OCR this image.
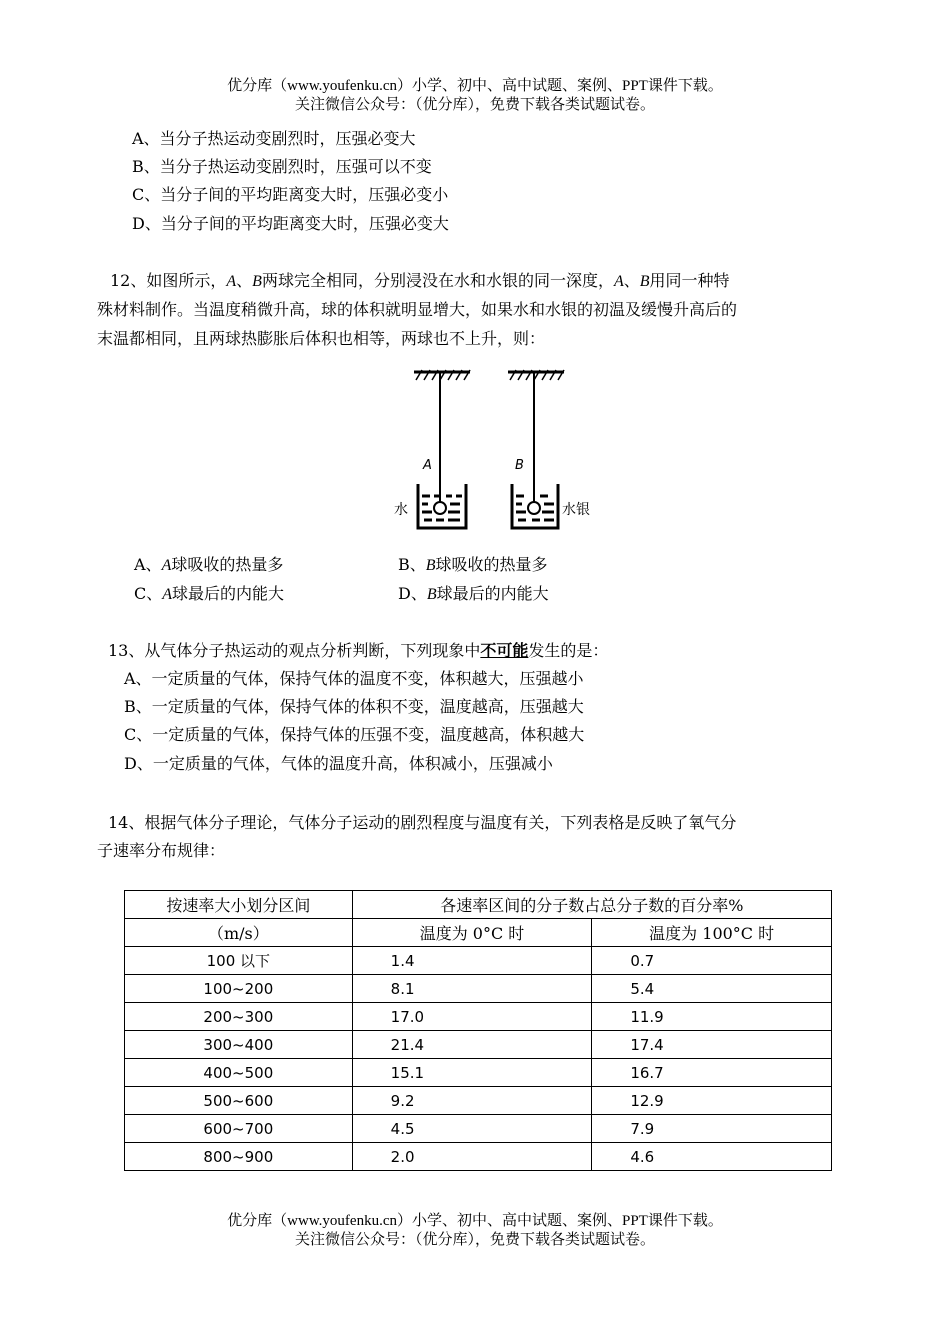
优分库（www.youfenku.cn）小学、初中、高中试题、案例、PPT课件下载。
关注微信公众号：（优分库），免费下载各类试题试卷。
A、当分子热运动变剧烈时，压强必变大
B、当分子热运动变剧烈时，压强可以不变
C、当分子间的平均距离变大时，压强必变小
D、当分子间的平均距离变大时，压强必变大
12、如图所示，A、B两球完全相同，分别浸没在水和水银的同一深度，A、B用同一种特
殊材料制作。当温度稍微升高，球的体积就明显增大，如果水和水银的初温及缓慢升高后的
末温都相同，且两球热膨胀后体积也相等，两球也不上升，则：
A
水
B
水银
A、A球吸收的热量多	B、B球吸收的热量多
C、A球最后的内能大	D、B球最后的内能大
13、从气体分子热运动的观点分析判断，下列现象中不可能发生的是：
A、一定质量的气体，保持气体的温度不变，体积越大，压强越小
B、一定质量的气体，保持气体的体积不变，温度越高，压强越大
C、一定质量的气体，保持气体的压强不变，温度越高，体积越大
D、一定质量的气体，气体的温度升高，体积减小，压强减小
14、根据气体分子理论，气体分子运动的剧烈程度与温度有关，下列表格是反映了氧气分
子速率分布规律：
按速率大小划分区间	各速率区间的分子数占总分子数的百分率%	
（m/s）	温度为 0°C 时	温度为 100°C 时
100 以下	1.4	0.7
100~200	8.1	5.4
200~300	17.0	11.9
300~400	21.4	17.4
400~500	15.1	16.7
500~600	9.2	12.9
600~700	4.5	7.9
800~900	2.0	4.6
优分库（www.youfenku.cn）小学、初中、高中试题、案例、PPT课件下载。
关注微信公众号：（优分库），免费下载各类试题试卷。
